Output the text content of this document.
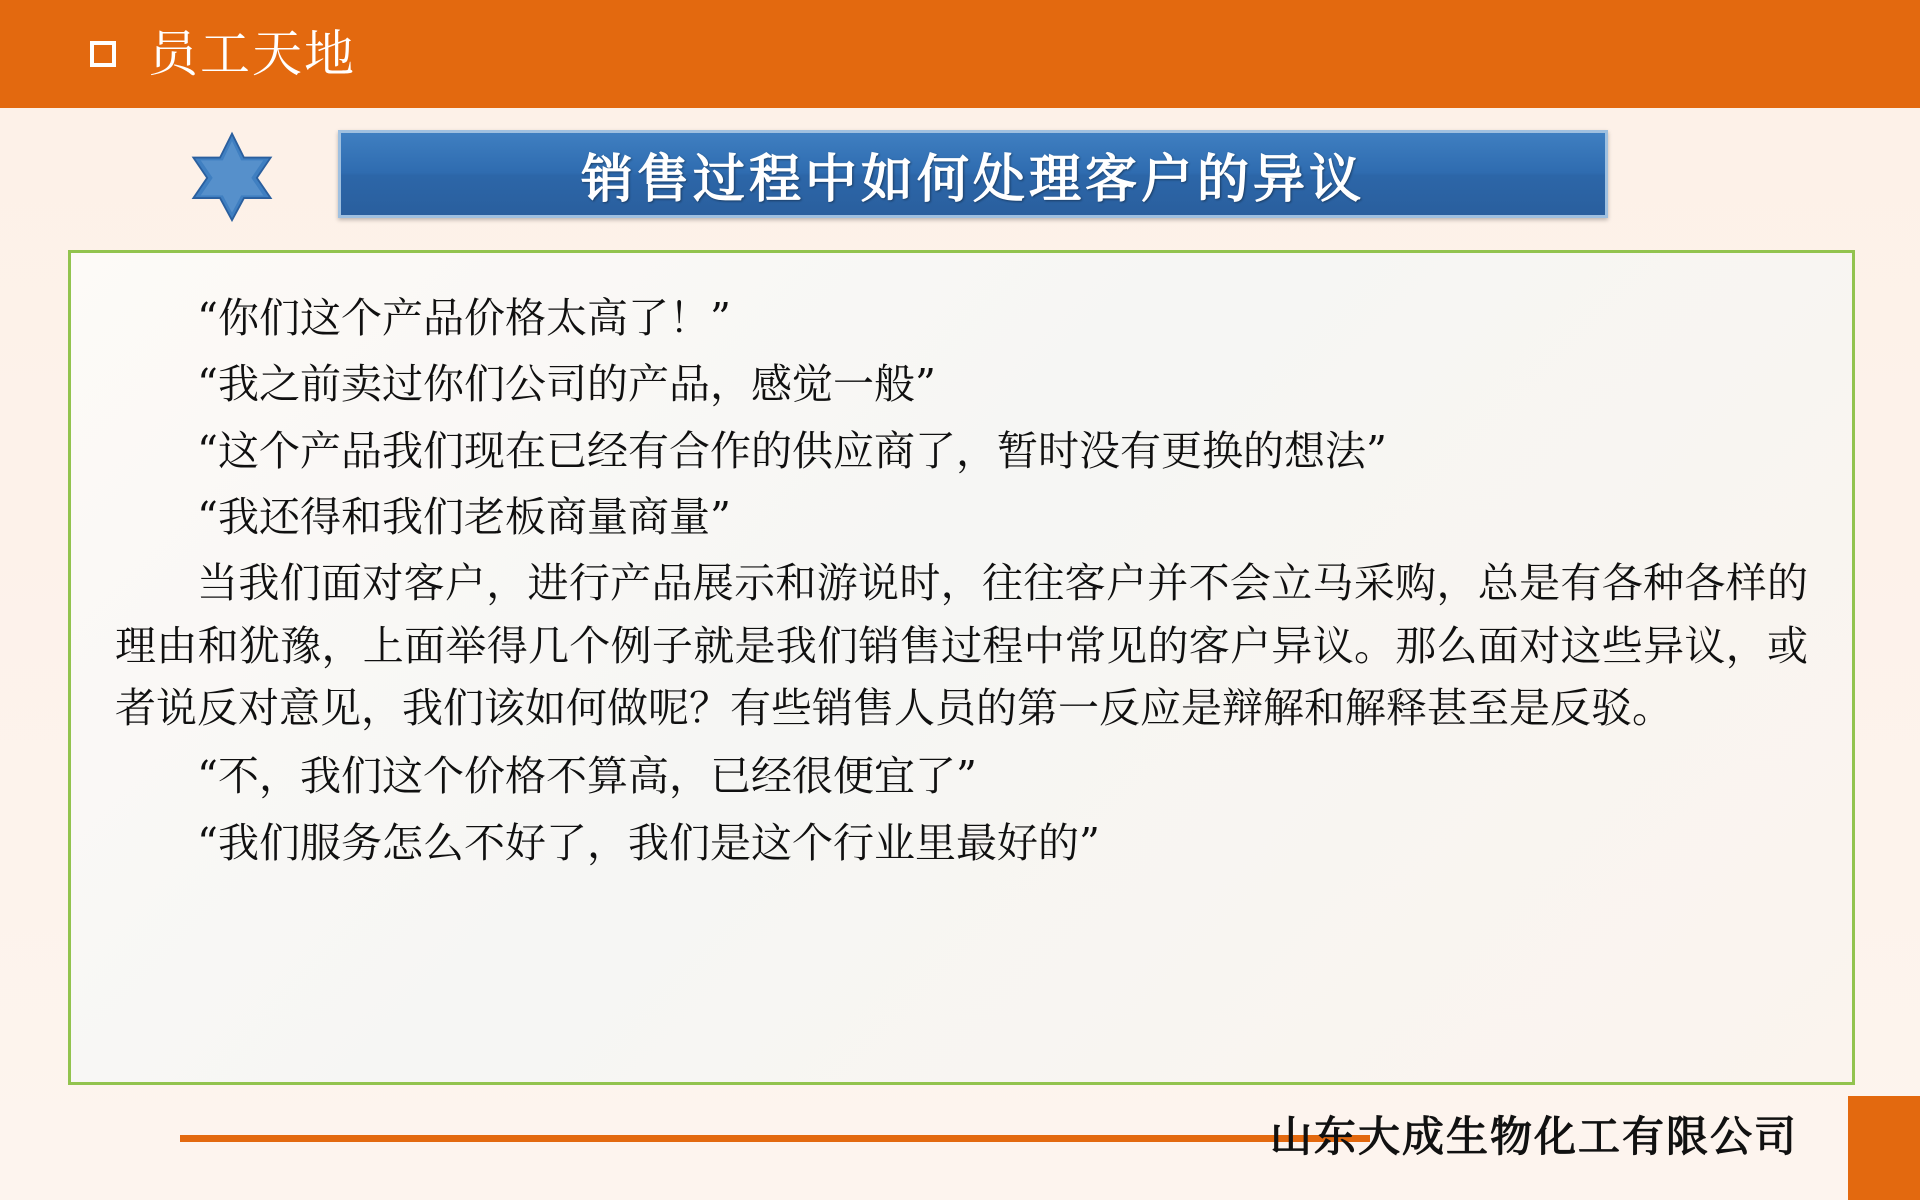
员工天地
销售过程中如何处理客户的异议

“你们这个产品价格太高了！”

“我之前卖过你们公司的产品，感觉一般”

“这个产品我们现在已经有合作的供应商了，暂时没有更换的想法”

“我还得和我们老板商量商量”

当我们面对客户，进行产品展示和游说时，往往客户并不会立马采购，总是有各种各样的理由和犹豫，上面举得几个例子就是我们销售过程中常见的客户异议。那么面对这些异议，或者说反对意见，我们该如何做呢？有些销售人员的第一反应是辩解和解释甚至是反驳。

“不，我们这个价格不算高，已经很便宜了”

“我们服务怎么不好了，我们是这个行业里最好的”

山东大成生物化工有限公司
